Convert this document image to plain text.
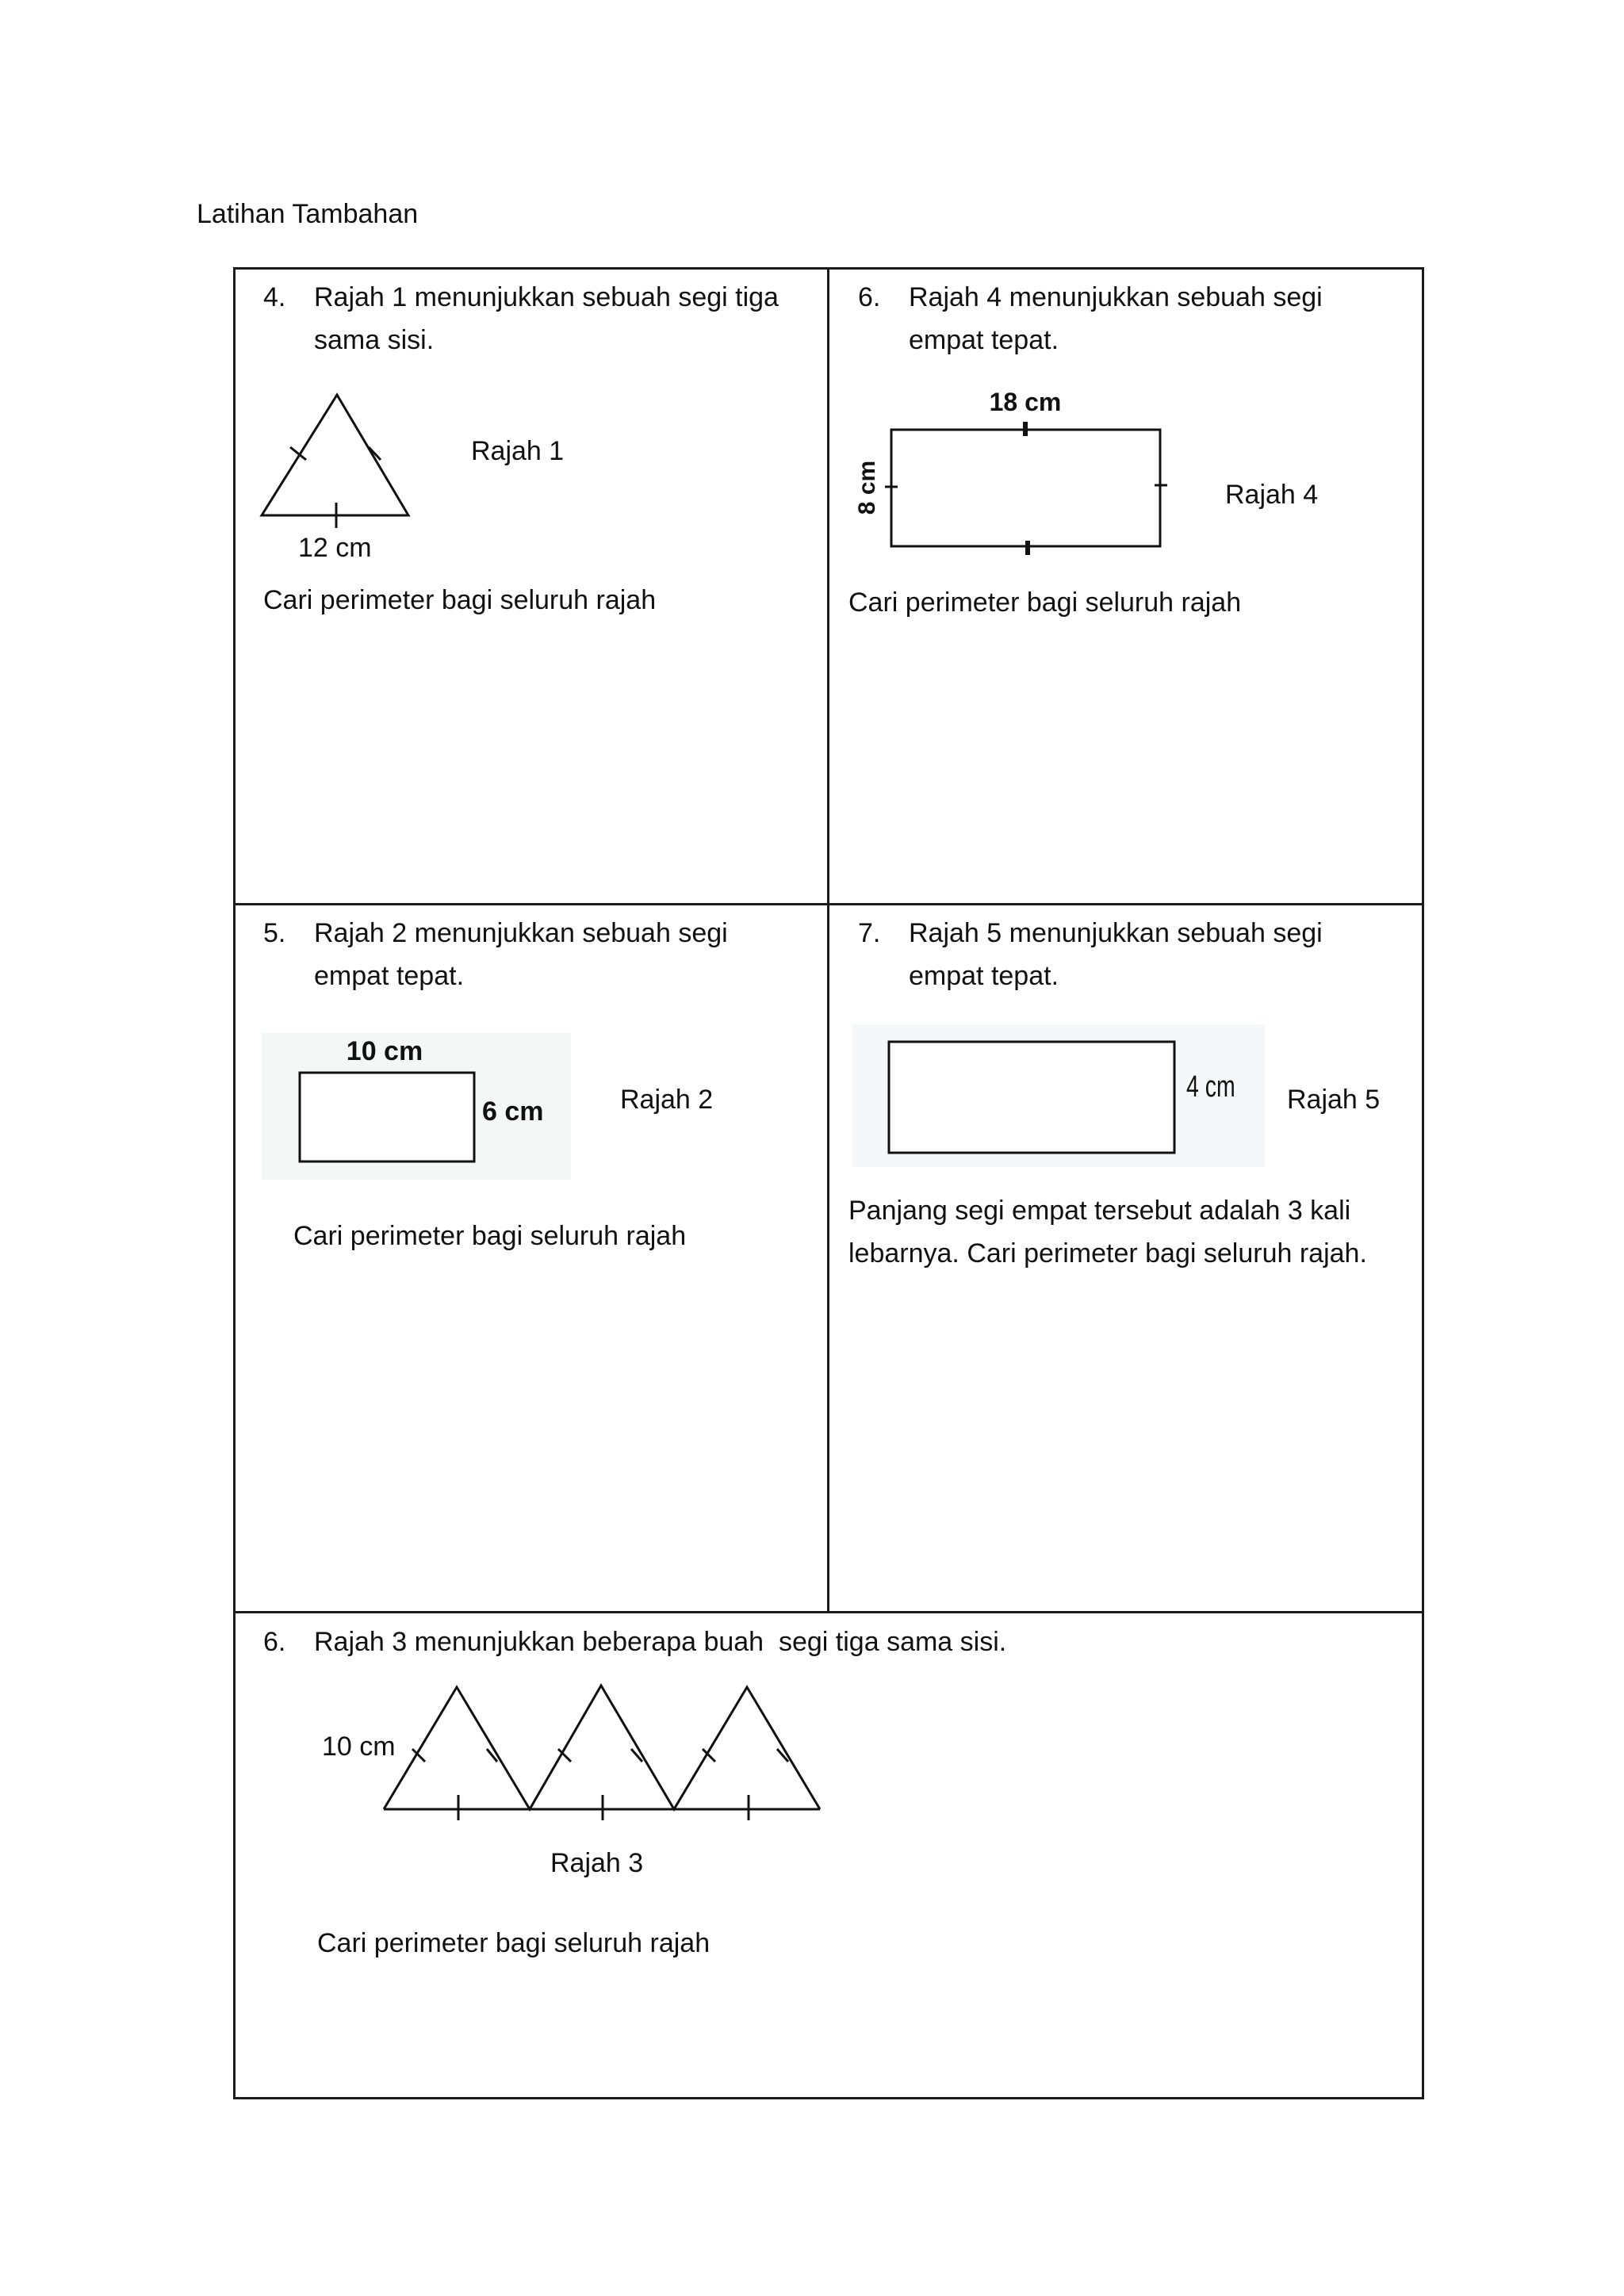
Latihan Tambahan
4. Rajah 1 menunjukkan sebuah segi tiga
sama sisi.
12 cm
Rajah 1
Cari perimeter bagi seluruh rajah
6. Rajah 4 menunjukkan sebuah segi
empat tepat.
18 cm
8 cm	Rajah 4
Cari perimeter bagi seluruh rajah
5. Rajah 2 menunjukkan sebuah segi
empat tepat.
10 cm
6 cm	Rajah 2
Cari perimeter bagi seluruh rajah
7. Rajah 5 menunjukkan sebuah segi
empat tepat.
4 cm Rajah 5
Panjang segi empat tersebut adalah 3 kali
lebarnya. Cari perimeter bagi seluruh rajah.
6. Rajah 3 menunjukkan beberapa buah  segi tiga sama sisi.
10 cm
Rajah 3
Cari perimeter bagi seluruh rajah
